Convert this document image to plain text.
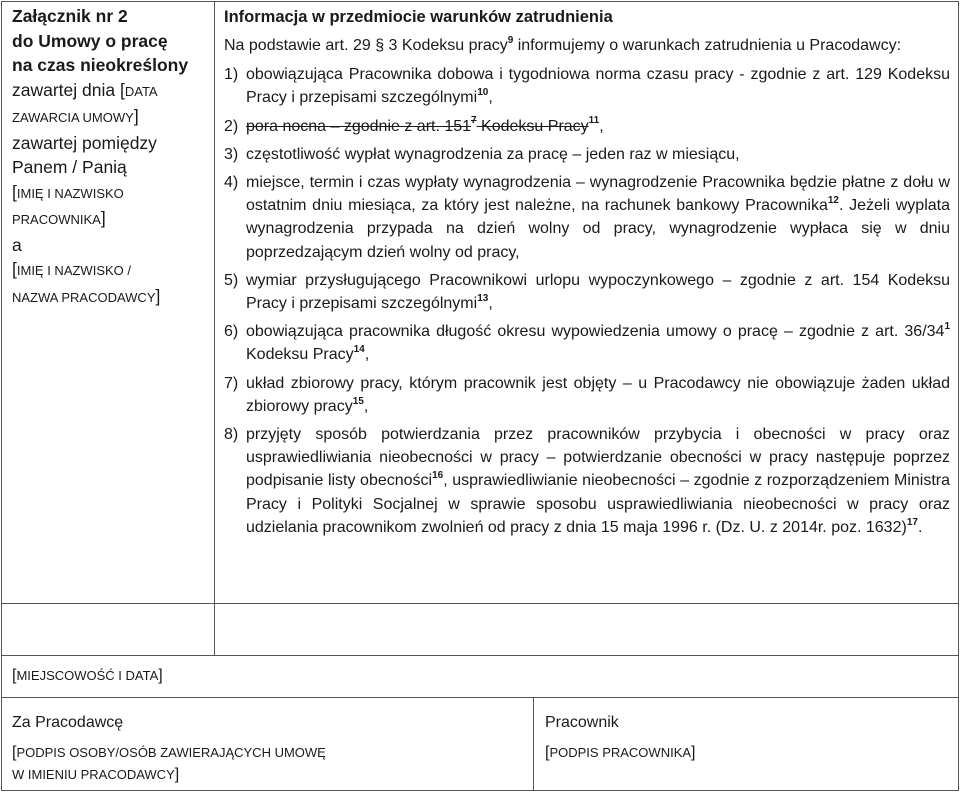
Załącznik nr 2
do Umowy o pracę
na czas nieokreślony
zawartej dnia [DATA
ZAWARCIA UMOWY]
zawartej pomiędzy
Panem / Panią
[IMIĘ I NAZWISKO
PRACOWNIKA]
a
[IMIĘ I NAZWISKO /
NAZWA PRACODAWCY]
Informacja w przedmiocie warunków zatrudnienia

Na podstawie art. 29 § 3 Kodeksu pracy$^9$ informujemy o warunkach zatrudnienia u Pracodawcy:

1) obowiązująca Pracownika dobowa i tygodniowa norma czasu pracy - zgodnie z art. 129 Kodeksu Pracy i przepisami szczególnymi$^{10}$,
2) pora nocna – zgodnie z art. $151^7$ Kodeksu Pracy$^{11}$,
3) częstotliwość wypłat wynagrodzenia za pracę – jeden raz w miesiącu,
4) miejsce, termin i czas wypłaty wynagrodzenia – wynagrodzenie Pracownika będzie płatne z dołu w ostatnim dniu miesiąca, za który jest należne, na rachunek bankowy Pracownika$^{12}$. Jeżeli wyplata wynagrodzenia przypada na dzień wolny od pracy, wynagrodzenie wypłaca się w dniu poprzedzającym dzień wolny od pracy,
5) wymiar przysługującego Pracownikowi urlopu wypoczynkowego – zgodnie z art. 154 Kodeksu Pracy i przepisami szczególnymi$^{13}$,
6) obowiązująca pracownika długość okresu wypowiedzenia umowy o pracę – zgodnie z art. $36/34^1$ Kodeksu Pracy$^{14}$,
7) układ zbiorowy pracy, którym pracownik jest objęty – u Pracodawcy nie obowiązuje żaden układ zbiorowy pracy$^{15}$,
8) przyjęty sposób potwierdzania przez pracowników przybycia i obecności w pracy oraz usprawiedliwiania nieobecności w pracy – potwierdzanie obecności w pracy następuje poprzez podpisanie listy obecności$^{16}$, usprawiedliwianie nieobecności – zgodnie z rozporządzeniem Ministra Pracy i Polityki Socjalnej w sprawie sposobu usprawiedliwiania nieobecności w pracy oraz udzielania pracownikom zwolnień od pracy z dnia 15 maja 1996 r. (Dz. U. z 2014r. poz. 1632)$^{17}$.
[MIEJSCOWOŚĆ I DATA]
Za Pracodawcę
[PODPIS OSOBY/OSÓB ZAWIERAJĄCYCH UMOWĘ
W IMIENIU PRACODAWCY]
Pracownik
[PODPIS PRACOWNIKA]
